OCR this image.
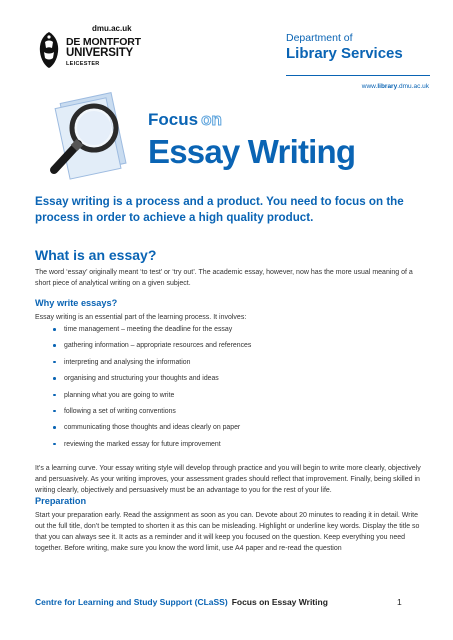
dmu.ac.uk
DE MONTFORT
UNIVERSITY
LEICESTER
Department of
Library Services
www.library.dmu.ac.uk
Focus on
Essay Writing
Essay writing is a process and a product. You need to focus on the process in order to achieve a high quality product.
What is an essay?
The word ‘essay’ originally meant ‘to test’ or ‘try out’. The academic essay, however, now has the more usual meaning of a short piece of analytical writing on a given subject.
Why write essays?
Essay writing is an essential part of the learning process. It involves:
time management – meeting the deadline for the essay
gathering information – appropriate resources and references
interpreting and analysing the information
organising and structuring your thoughts and ideas
planning what you are going to write
following a set of writing conventions
communicating those thoughts and ideas clearly on paper
reviewing the marked essay for future improvement
It’s a learning curve. Your essay writing style will develop through practice and you will begin to write more clearly, objectively and persuasively. As your writing improves, your assessment grades should reflect that improvement. Finally, being skilled in writing clearly, objectively and persuasively must be an advantage to you for the rest of your life.
Preparation
Start your preparation early. Read the assignment as soon as you can. Devote about 20 minutes to reading it in detail. Write out the full title, don’t be tempted to shorten it as this can be misleading. Highlight or underline key words. Display the title so that you can always see it. It acts as a reminder and it will keep you focused on the question. Keep everything you need together. Before writing, make sure you know the word limit, use A4 paper and re-read the question
Centre for Learning and Study Support (CLaSS) Focus on Essay Writing	1
